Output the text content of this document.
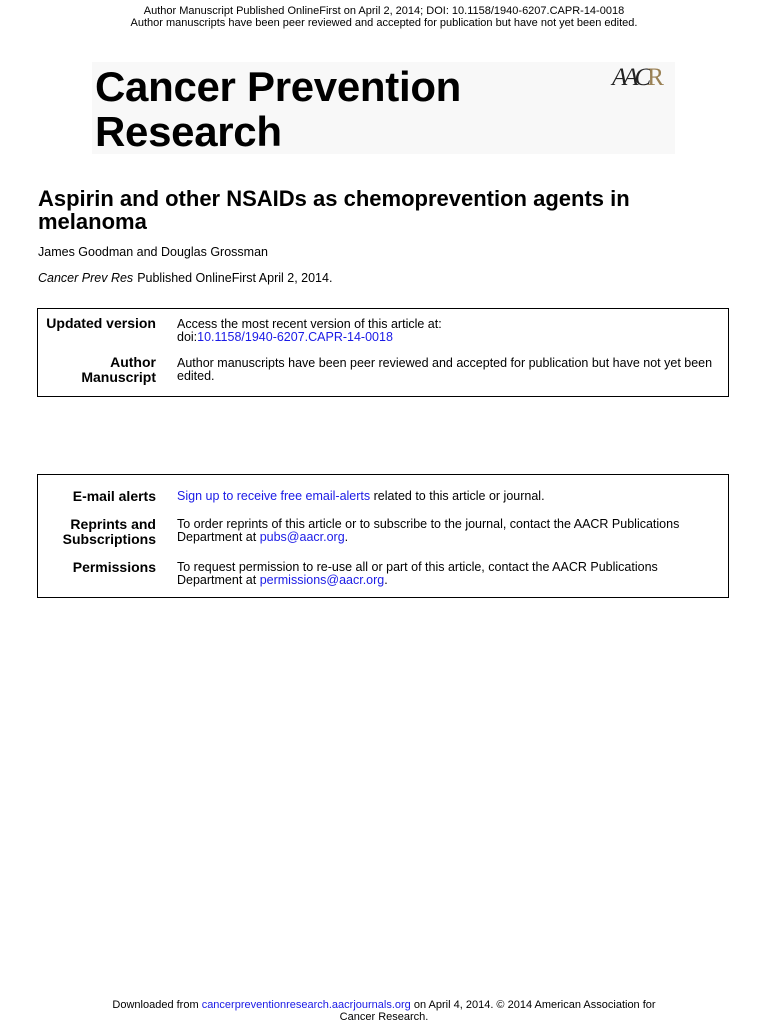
Author Manuscript Published OnlineFirst on April 2, 2014; DOI: 10.1158/1940-6207.CAPR-14-0018
Author manuscripts have been peer reviewed and accepted for publication but have not yet been edited.
Cancer Prevention
Research
AACR
Aspirin and other NSAIDs as chemoprevention agents in
melanoma
James Goodman and Douglas Grossman
Cancer Prev Res Published OnlineFirst April 2, 2014.
Updated version Access the most recent version of this article at:
doi:10.1158/1940-6207.CAPR-14-0018
Author
Manuscript
Author manuscripts have been peer reviewed and accepted for publication but have not yet been edited.
E-mail alerts Sign up to receive free email-alerts related to this article or journal.
Reprints and
Subscriptions
To order reprints of this article or to subscribe to the journal, contact the AACR Publications Department at pubs@aacr.org.
Permissions To request permission to re-use all or part of this article, contact the AACR Publications Department at permissions@aacr.org.
Downloaded from cancerpreventionresearch.aacrjournals.org on April 4, 2014. © 2014 American Association for
Cancer Research.
